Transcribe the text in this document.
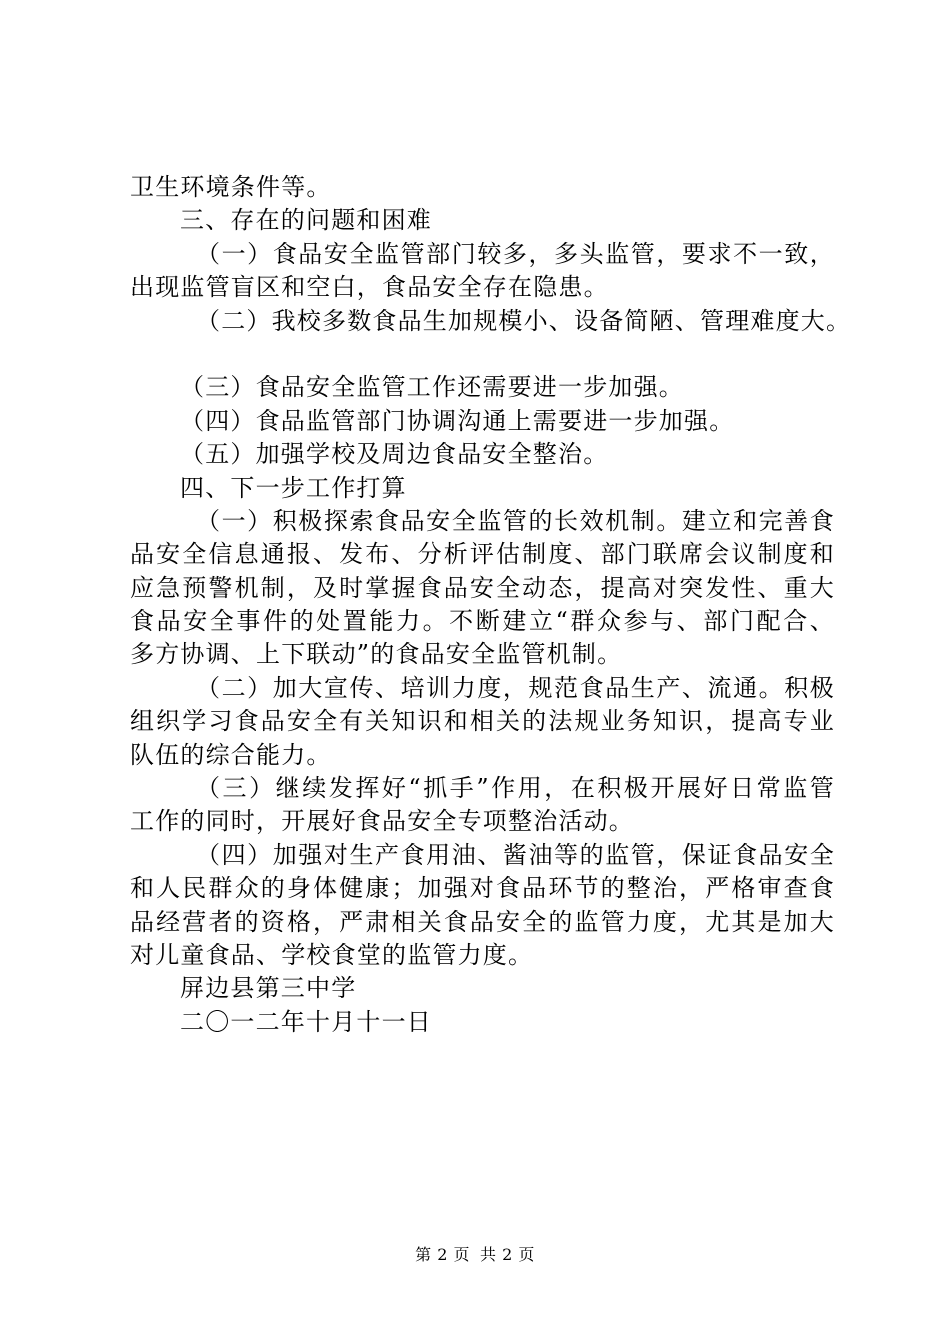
卫生环境条件等。
三、存在的问题和困难
（一）食品安全监管部门较多，多头监管，要求不一致，
出现监管盲区和空白，食品安全存在隐患。
（二）我校多数食品生加规模小、设备简陋、管理难度大。
（三）食品安全监管工作还需要进一步加强。
（四）食品监管部门协调沟通上需要进一步加强。
（五）加强学校及周边食品安全整治。
四、下一步工作打算
（一）积极探索食品安全监管的长效机制。建立和完善食
品安全信息通报、发布、分析评估制度、部门联席会议制度和
应急预警机制，及时掌握食品安全动态，提高对突发性、重大
食品安全事件的处置能力。不断建立“群众参与、部门配合、
多方协调、上下联动”的食品安全监管机制。
（二）加大宣传、培训力度，规范食品生产、流通。积极
组织学习食品安全有关知识和相关的法规业务知识，提高专业
队伍的综合能力。
（三）继续发挥好“抓手”作用，在积极开展好日常监管
工作的同时，开展好食品安全专项整治活动。
（四）加强对生产食用油、酱油等的监管，保证食品安全
和人民群众的身体健康；加强对食品环节的整治，严格审查食
品经营者的资格，严肃相关食品安全的监管力度，尤其是加大
对儿童食品、学校食堂的监管力度。
屏边县第三中学
二〇一二年十月十一日
第 2 页 共 2 页
